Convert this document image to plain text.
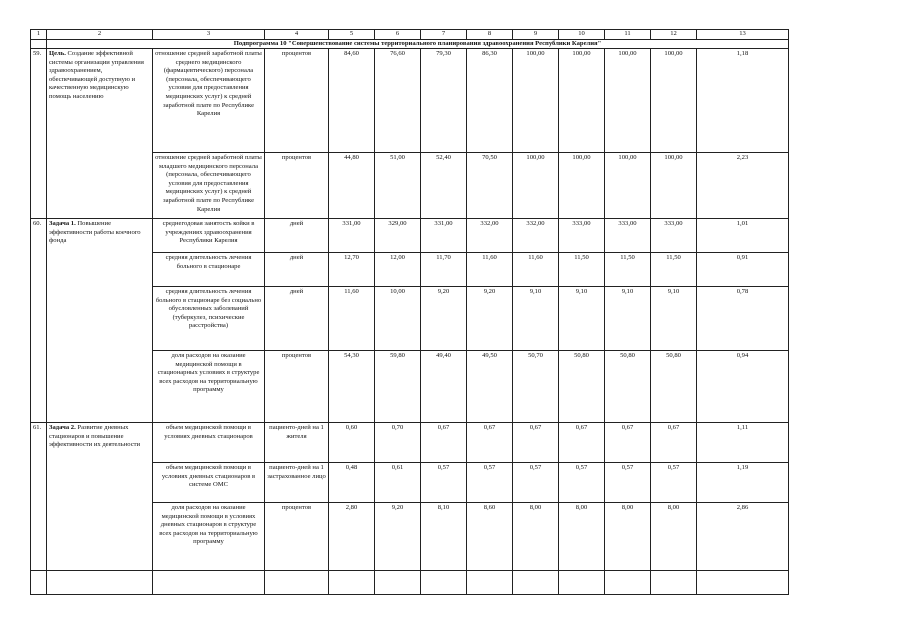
1	2	3	4	5	6	7	8	9	10	11	12	13
	Подпрограмма 10 "Совершенствование системы территориального планирования здравоохранения Республики Карелия"											
59.	Цель. Создание эффективной системы организации управления здравоохранением, обеспечивающей доступную и качественную медицинскую помощь населению	отношение средней заработной платы среднего медицинского (фармацевтического) персонала (персонала, обеспечивающего условия для предоставления медицинских услуг) к средней заработной плате по Республике Карелия	процентов	84,60	76,60	79,30	86,30	100,00	100,00	100,00	100,00	1,18
		отношение средней заработной платы младшего медицинского персонала (персонала, обеспечивающего условия для предоставления медицинских услуг) к средней заработной плате по Республике Карелия	процентов	44,80	51,00	52,40	70,50	100,00	100,00	100,00	100,00	2,23
60.	Задача 1. Повышение эффективности работы коечного фонда	среднегодовая занятость койки в учреждениях здравоохранения Республики Карелия	дней	331,00	329,00	331,00	332,00	332,00	333,00	333,00	333,00	1,01
		средняя длительность лечения больного в стационаре	дней	12,70	12,00	11,70	11,60	11,60	11,50	11,50	11,50	0,91
		средняя длительность лечения больного в стационаре без социально обусловленных заболеваний (туберкулез, психические расстройства)	дней	11,60	10,00	9,20	9,20	9,10	9,10	9,10	9,10	0,78
		доля расходов на оказание медицинской помощи в стационарных условиях в структуре всех расходов на территориальную программу	процентов	54,30	59,80	49,40	49,50	50,70	50,80	50,80	50,80	0,94
61.	Задача 2. Развитие дневных стационаров и повышение эффективности их деятельности	объем медицинской помощи в условиях дневных стационаров	пациенто-дней на 1 жителя	0,60	0,70	0,67	0,67	0,67	0,67	0,67	0,67	1,11
		объем медицинской помощи в условиях дневных стационаров в системе ОМС	пациенто-дней на 1 застрахованное лицо	0,48	0,61	0,57	0,57	0,57	0,57	0,57	0,57	1,19
		доля расходов на оказание медицинской помощи в условиях дневных стационаров в структуре всех расходов на территориальную программу	процентов	2,80	9,20	8,10	8,60	8,00	8,00	8,00	8,00	2,86
